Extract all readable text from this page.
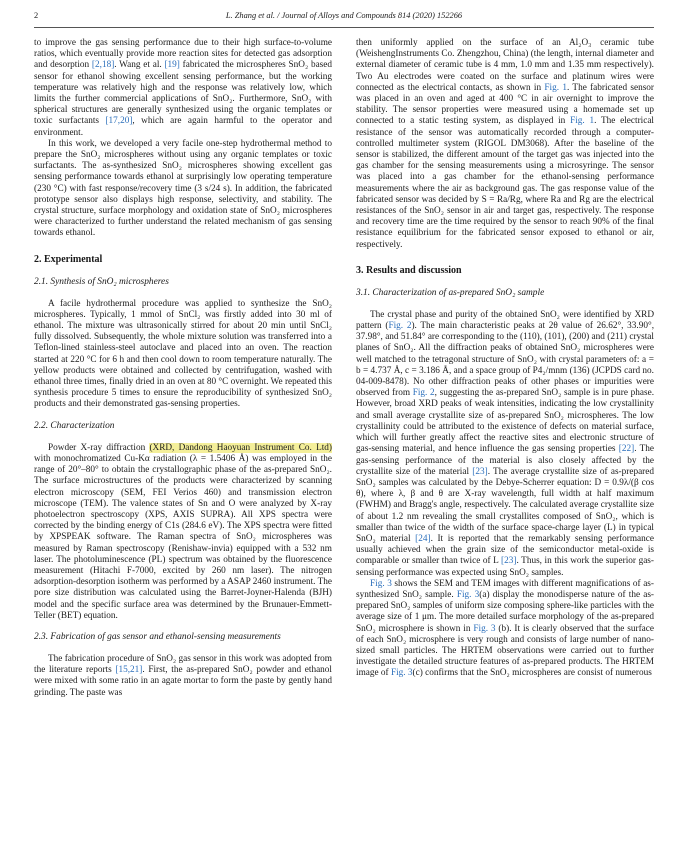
2	L. Zhang et al. / Journal of Alloys and Compounds 814 (2020) 152266

to improve the gas sensing performance due to their high surface-to-volume ratios, which eventually provide more reaction sites for detected gas adsorption and desorption [2,18]. Wang et al. [19] fabricated the microspheres SnO₂ based sensor for ethanol showing excellent sensing performance, but the working temperature was relatively high and the response was relatively low, which limits the further commercial applications of SnO₂. Furthermore, SnO₂ with spherical structures are generally synthesized using the organic templates or toxic surfactants [17,20], which are again harmful to the operator and environment.

In this work, we developed a very facile one-step hydrothermal method to prepare the SnO₂ microspheres without using any organic templates or toxic surfactants. The as-synthesized SnO₂ microspheres showing excellent gas sensing performance towards ethanol at surprisingly low operating temperature (230 °C) with fast response/recovery time (3 s/24 s). In addition, the fabricated prototype sensor also displays high response, selectivity, and stability. The crystal structure, surface morphology and oxidation state of SnO₂ microspheres were characterized to further understand the related mechanism of gas sensing towards ethanol.

2. Experimental
2.1. Synthesis of SnO₂ microspheres

A facile hydrothermal procedure was applied to synthesize the SnO₂ microspheres. Typically, 1 mmol of SnCl₂ was firstly added into 30 ml of ethanol. The mixture was ultrasonically stirred for about 20 min until SnCl₂ fully dissolved. Subsequently, the whole mixture solution was transferred into a Teflon-lined stainless-steel autoclave and placed into an oven. The reaction started at 220 °C for 6 h and then cool down to room temperature naturally. The yellow products were obtained and collected by centrifugation, washed with ethanol three times, finally dried in an oven at 80 °C overnight. We repeated this synthesis procedure 5 times to ensure the reproducibility of synthesized SnO₂ products and their demonstrated gas-sensing properties.

2.2. Characterization

Powder X-ray diffraction (XRD, Dandong Haoyuan Instrument Co. Ltd) with monochromatized Cu-Kα radiation (λ = 1.5406 Å) was employed in the range of 20°–80° to obtain the crystallographic phase of the as-prepared SnO₂. The surface microstructures of the products were characterized by scanning electron microscopy (SEM, FEI Verios 460) and transmission electron microscope (TEM). The valence states of Sn and O were analyzed by X-ray photoelectron spectroscopy (XPS, AXIS SUPRA). All XPS spectra were corrected by the binding energy of C1s (284.6 eV). The XPS spectra were fitted by XPSPEAK software. The Raman spectra of SnO₂ microspheres was measured by Raman spectroscopy (Renishaw-invia) equipped with a 532 nm laser. The photoluminescence (PL) spectrum was obtained by the fluorescence measurement (Hitachi F-7000, excited by 260 nm laser). The nitrogen adsorption-desorption isotherm was performed by a ASAP 2460 instrument. The pore size distribution was calculated using the Barret-Joyner-Halenda (BJH) model and the specific surface area was determined by the Brunauer-Emmett-Teller (BET) equation.

2.3. Fabrication of gas sensor and ethanol-sensing measurements

The fabrication procedure of SnO₂ gas sensor in this work was adopted from the literature reports [15,21]. First, the as-prepared SnO₂ powder and ethanol were mixed with some ratio in an agate mortar to form the paste by gently hand grinding. The paste was

then uniformly applied on the surface of an Al₂O₃ ceramic tube (WeishengInstruments Co. Zhengzhou, China) (the length, internal diameter and external diameter of ceramic tube is 4 mm, 1.0 mm and 1.35 mm respectively). Two Au electrodes were coated on the surface and platinum wires were connected as the electrical contacts, as shown in Fig. 1. The fabricated sensor was placed in an oven and aged at 400 °C in air overnight to improve the stability. The sensor properties were measured using a homemade set up connected to a static testing system, as displayed in Fig. 1. The electrical resistance of the sensor was automatically recorded through a computer-controlled multimeter system (RIGOL DM3068). After the baseline of the sensor is stabilized, the different amount of the target gas was injected into the gas chamber for the sensing measurements using a microsyringe. The sensor was placed into a gas chamber for the ethanol-sensing performance measurements where the air as background gas. The gas response value of the fabricated sensor was decided by S = Ra/Rg, where Ra and Rg are the electrical resistances of the SnO₂ sensor in air and target gas, respectively. The response and recovery time are the time required by the sensor to reach 90% of the final resistance equilibrium for the fabricated sensor exposed to ethanol or air, respectively.

3. Results and discussion
3.1. Characterization of as-prepared SnO₂ sample

The crystal phase and purity of the obtained SnO₂ were identified by XRD pattern (Fig. 2). The main characteristic peaks at 2θ value of 26.62°, 33.90°, 37.98°, and 51.84° are corresponding to the (110), (101), (200) and (211) crystal planes of SnO₂. All the diffraction peaks of obtained SnO₂ microspheres were well matched to the tetragonal structure of SnO₂ with crystal parameters of: a = b = 4.737 Å, c = 3.186 Å, and a space group of P4₂/mnm (136) (JCPDS card no. 04-009-8478). No other diffraction peaks of other phases or impurities were observed from Fig. 2, suggesting the as-prepared SnO₂ sample is in pure phase. However, broad XRD peaks of weak intensities, indicating the low crystallinity and small average crystallite size of as-prepared SnO₂ microspheres. The low crystallinity could be attributed to the existence of defects on material surface, which will further greatly affect the reactive sites and electronic structure of gas-sensing material, and hence influence the gas sensing properties [22]. The gas-sensing performance of the material is also closely affected by the crystallite size of the material [23]. The average crystallite size of as-prepared SnO₂ samples was calculated by the Debye-Scherrer equation: D = 0.9λ/(β cos θ), where λ, β and θ are X-ray wavelength, full width at half maximum (FWHM) and Bragg's angle, respectively. The calculated average crystallite size of about 1.2 nm revealing the small crystallites composed of SnO₂, which is smaller than twice of the width of the surface space-charge layer (L) in typical SnO₂ material [24]. It is reported that the remarkably sensing performance usually achieved when the grain size of the semiconductor metal-oxide is comparable or smaller than twice of L [23]. Thus, in this work the superior gas-sensing performance was expected using SnO₂ samples.

Fig. 3 shows the SEM and TEM images with different magnifications of as-synthesized SnO₂ sample. Fig. 3(a) display the monodisperse nature of the as-prepared SnO₂ samples of uniform size composing sphere-like particles with the average size of 1 μm. The more detailed surface morphology of the as-prepared SnO₂ microsphere is shown in Fig. 3 (b). It is clearly observed that the surface of each SnO₂ microsphere is very rough and consists of large number of nano-sized small particles. The HRTEM observations were carried out to further investigate the detailed structure features of as-prepared products. The HRTEM image of Fig. 3(c) confirms that the SnO₂ microspheres are consist of numerous
